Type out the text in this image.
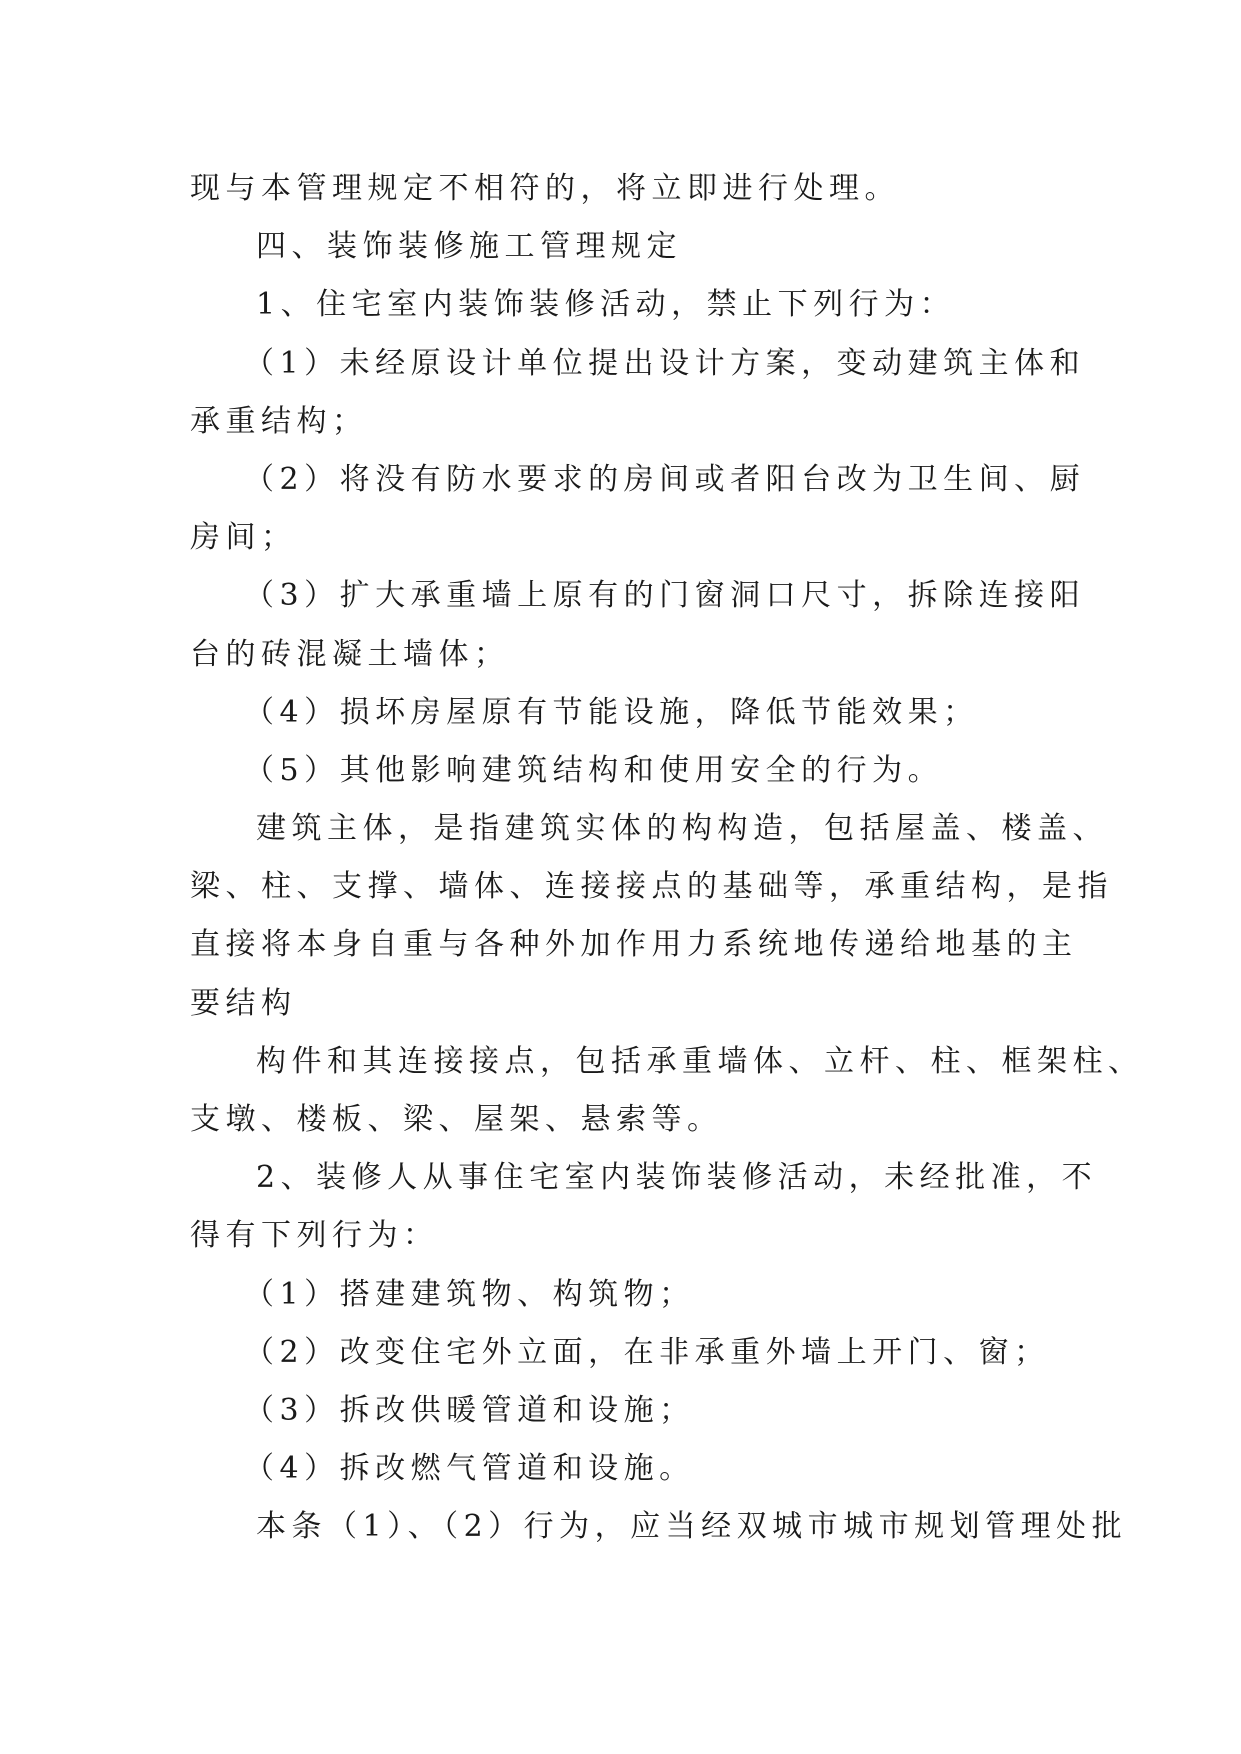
现与本管理规定不相符的，将立即进行处理。
四、装饰装修施工管理规定
1、住宅室内装饰装修活动，禁止下列行为：
（1）未经原设计单位提出设计方案，变动建筑主体和
承重结构；
（2）将没有防水要求的房间或者阳台改为卫生间、厨
房间；
（3）扩大承重墙上原有的门窗洞口尺寸，拆除连接阳
台的砖混凝土墙体；
（4）损坏房屋原有节能设施，降低节能效果；
（5）其他影响建筑结构和使用安全的行为。
建筑主体，是指建筑实体的构构造，包括屋盖、楼盖、
梁、柱、支撑、墙体、连接接点的基础等，承重结构，是指
直接将本身自重与各种外加作用力系统地传递给地基的主
要结构
构件和其连接接点，包括承重墙体、立杆、柱、框架柱、
支墩、楼板、梁、屋架、悬索等。
2、装修人从事住宅室内装饰装修活动，未经批准，不
得有下列行为：
（1）搭建建筑物、构筑物；
（2）改变住宅外立面，在非承重外墙上开门、窗；
（3）拆改供暖管道和设施；
（4）拆改燃气管道和设施。
本条（1）、（2）行为，应当经双城市城市规划管理处批
